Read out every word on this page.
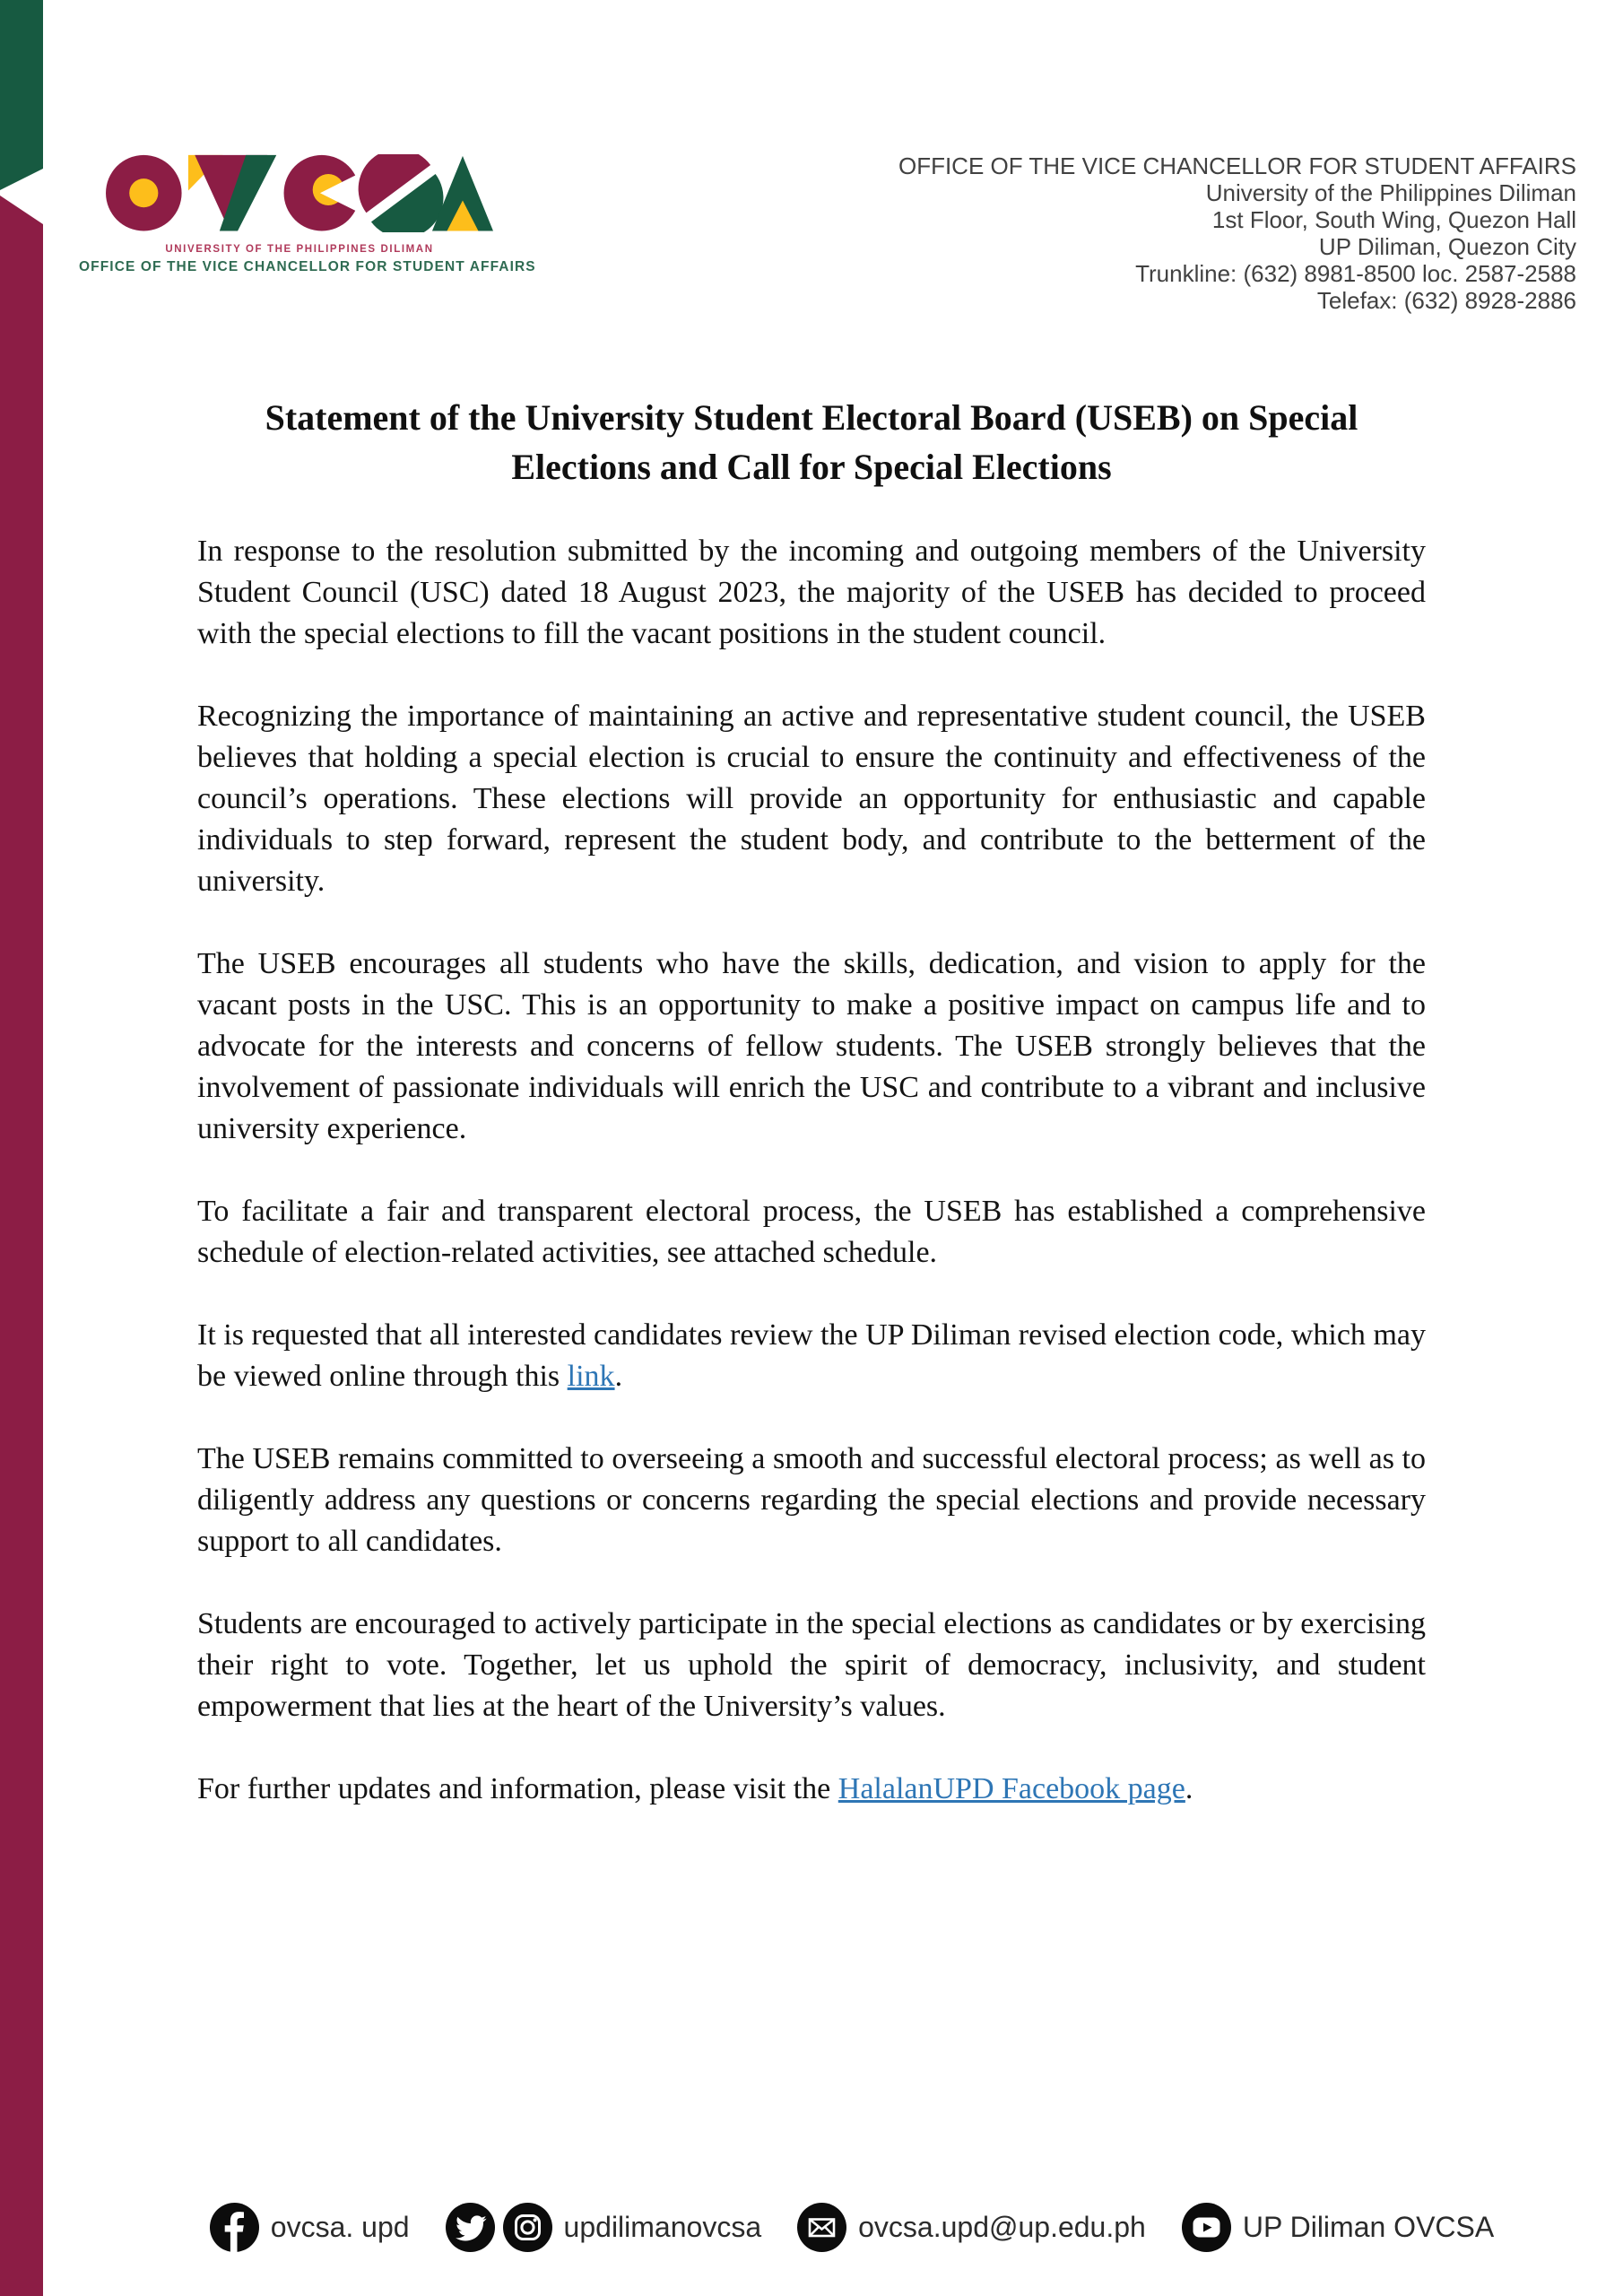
UNIVERSITY OF THE PHILIPPINES DILIMAN
OFFICE OF THE VICE CHANCELLOR FOR STUDENT AFFAIRS
OFFICE OF THE VICE CHANCELLOR FOR STUDENT AFFAIRS
University of the Philippines Diliman
1st Floor, South Wing, Quezon Hall
UP Diliman, Quezon City
Trunkline: (632) 8981-8500 loc. 2587-2588
Telefax: (632) 8928-2886
Statement of the University Student Electoral Board (USEB) on Special Elections and Call for Special Elections

In response to the resolution submitted by the incoming and outgoing members of the University Student Council (USC) dated 18 August 2023, the majority of the USEB has decided to proceed with the special elections to fill the vacant positions in the student council.

Recognizing the importance of maintaining an active and representative student council, the USEB believes that holding a special election is crucial to ensure the continuity and effectiveness of the council’s operations. These elections will provide an opportunity for enthusiastic and capable individuals to step forward, represent the student body, and contribute to the betterment of the university.

The USEB encourages all students who have the skills, dedication, and vision to apply for the vacant posts in the USC. This is an opportunity to make a positive impact on campus life and to advocate for the interests and concerns of fellow students. The USEB strongly believes that the involvement of passionate individuals will enrich the USC and contribute to a vibrant and inclusive university experience.

To facilitate a fair and transparent electoral process, the USEB has established a comprehensive schedule of election-related activities, see attached schedule.

It is requested that all interested candidates review the UP Diliman revised election code, which may be viewed online through this link.

The USEB remains committed to overseeing a smooth and successful electoral process; as well as to diligently address any questions or concerns regarding the special elections and provide necessary support to all candidates.

Students are encouraged to actively participate in the special elections as candidates or by exercising their right to vote. Together, let us uphold the spirit of democracy, inclusivity, and student empowerment that lies at the heart of the University’s values.

For further updates and information, please visit the HalalanUPD Facebook page.

ovcsa. upd	updilimanovcsa	ovcsa.upd@up.edu.ph	UP Diliman OVCSA
